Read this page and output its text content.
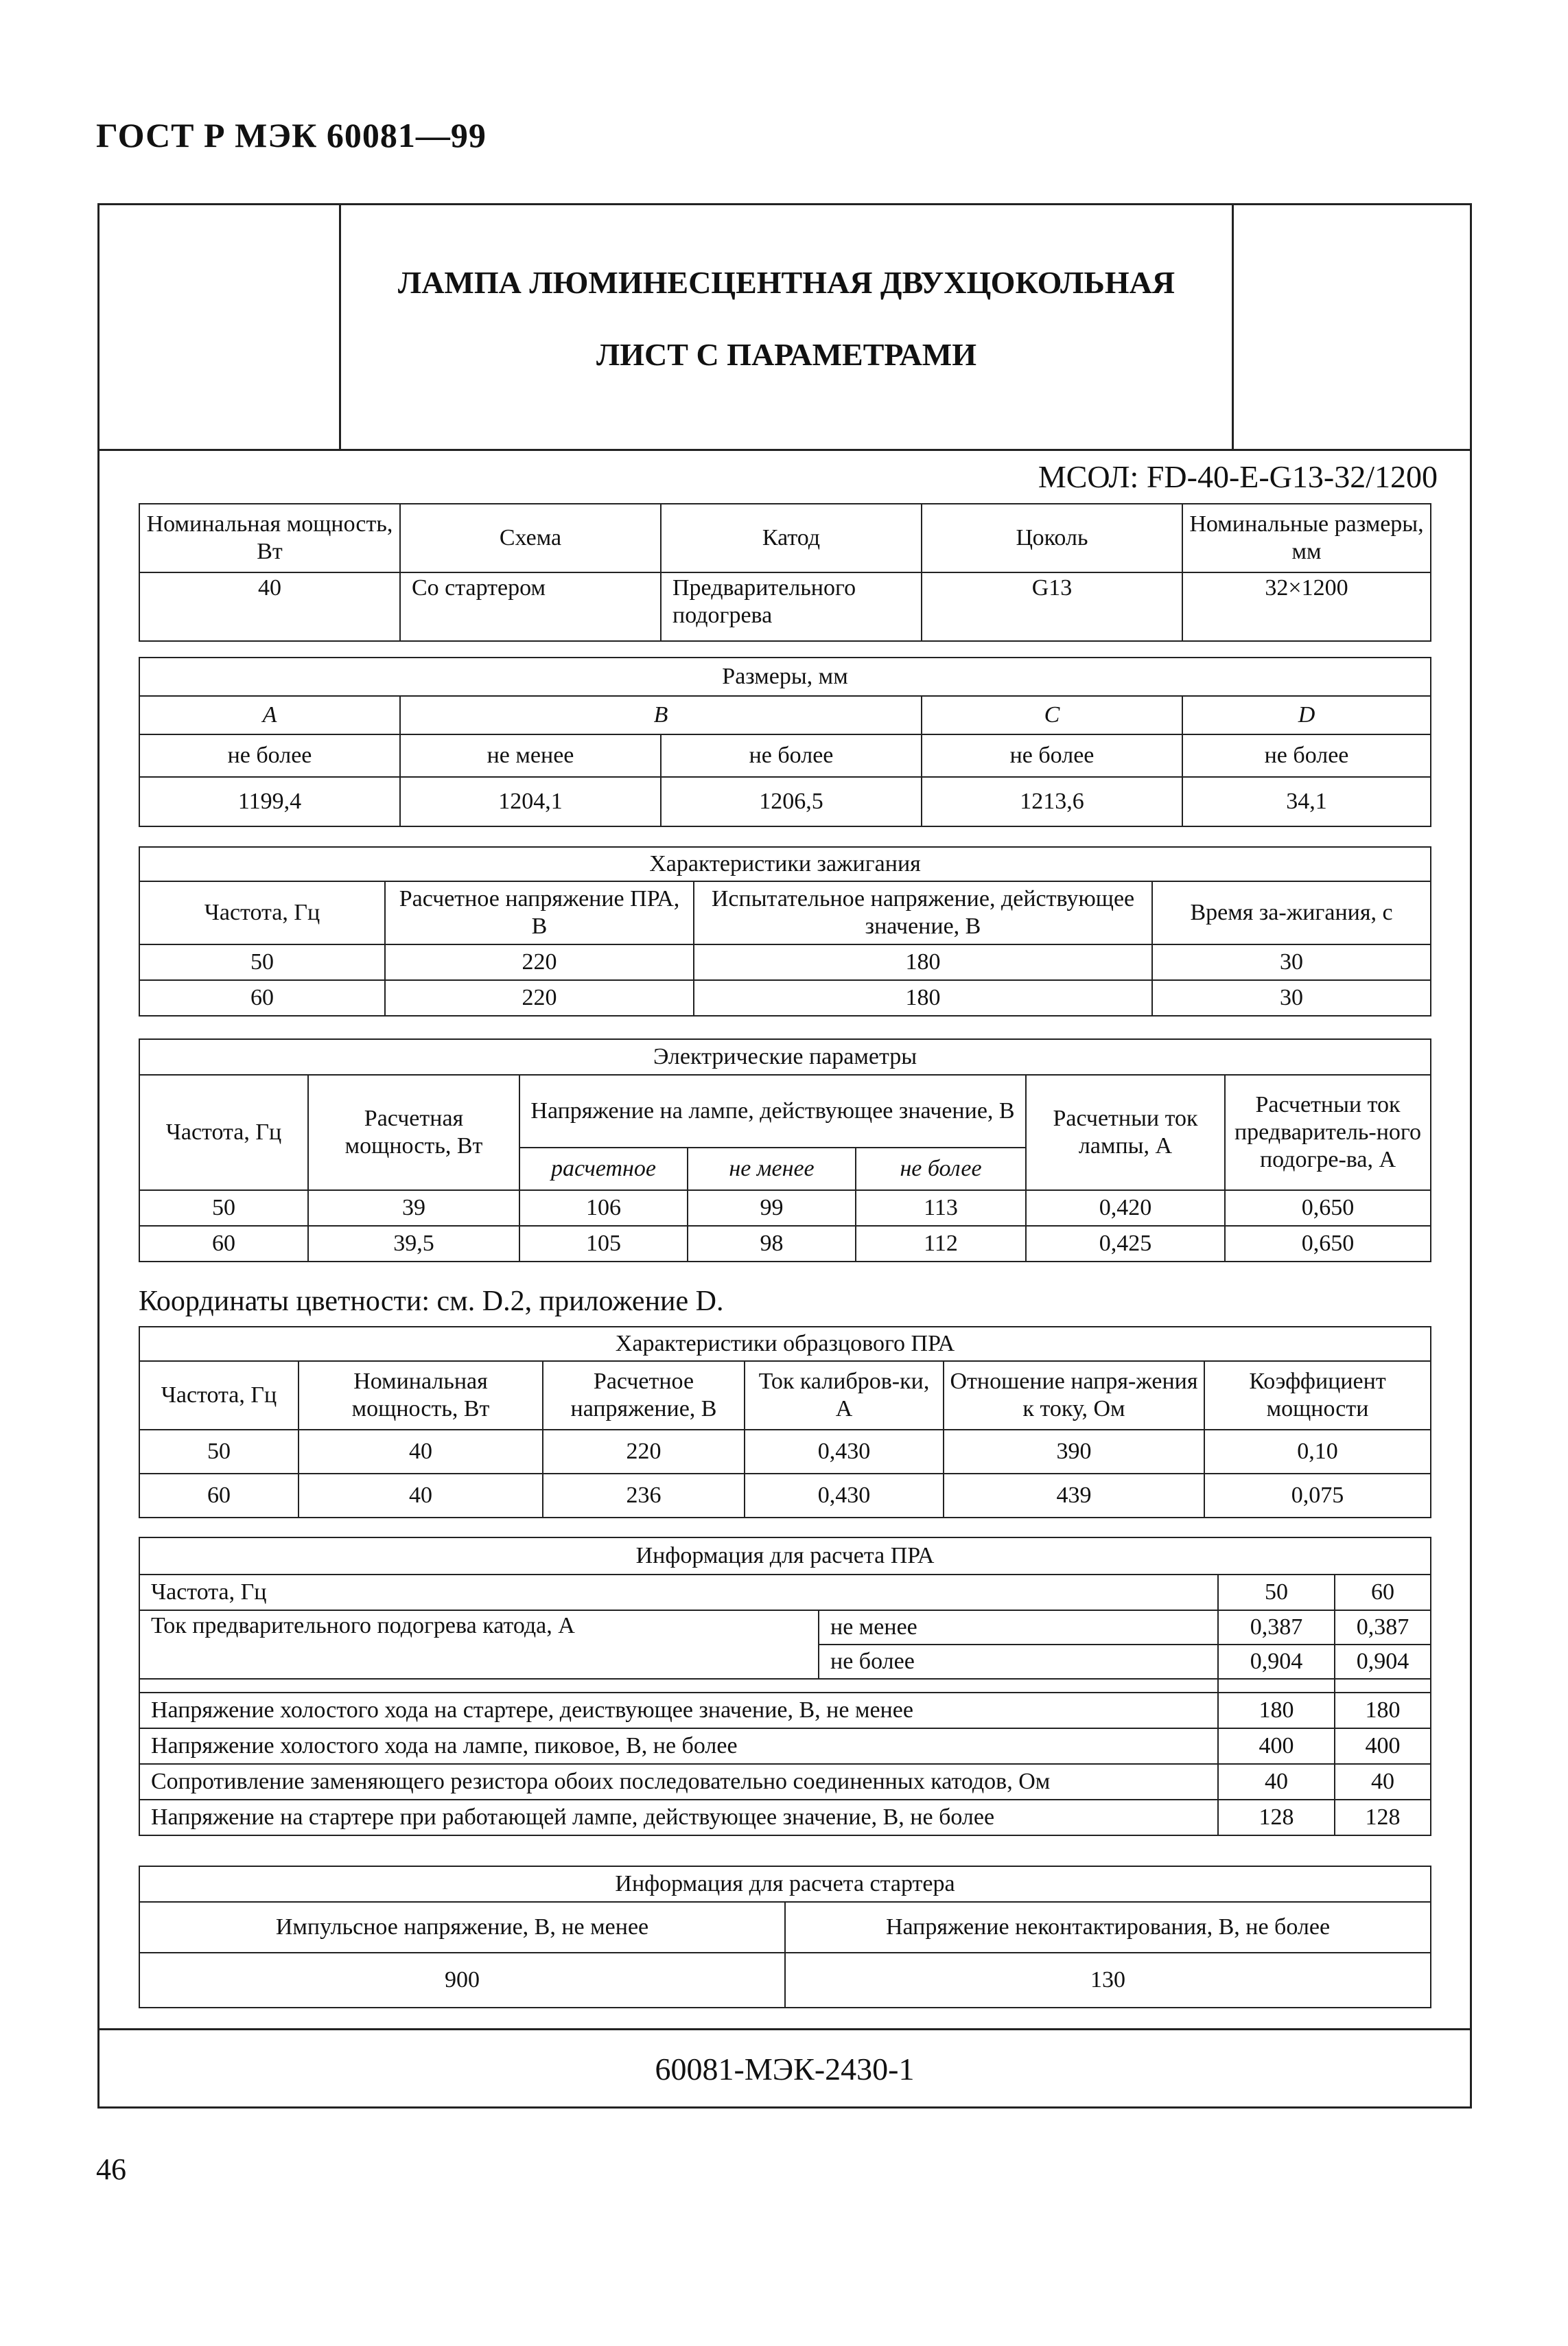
ГОСТ Р МЭК 60081—99
ЛАМПА ЛЮМИНЕСЦЕНТНАЯ ДВУХЦОКОЛЬНАЯ
ЛИСТ С ПАРАМЕТРАМИ
МСОЛ: FD-40-E-G13-32/1200
Номинальная мощность, Вт	Схема	Катод	Цоколь	Номинальные размеры, мм
40	Со стартером	Предварительного подогрева	G13	32×1200
Размеры, мм				
A	B		C	D
не более	не менее	не более	не более	не более
1199,4	1204,1	1206,5	1213,6	34,1
Характеристики зажигания			
Частота, Гц	Расчетное напряжение ПРА, В	Испытательное напряжение, действующее значение, В	Время за-жигания, с
50	220	180	30
60	220	180	30
Электрические параметры						
Частота, Гц	Расчетная мощность, Вт	Напряжение на лампе, действующее значение, В			Расчетныи ток лампы, А	Расчетныи ток предваритель-ного подогре-ва, А
		расчетное	не менее	не более		
50	39	106	99	113	0,420	0,650
60	39,5	105	98	112	0,425	0,650
Координаты цветности: см. D.2, приложение D.
Характеристики образцового ПРА					
Частота, Гц	Номинальная мощность, Вт	Расчетное напряжение, В	Ток калибров-ки, А	Отношение напря-жения к току, Ом	Коэффициент мощности
50	40	220	0,430	390	0,10
60	40	236	0,430	439	0,075
Информация для расчета ПРА			
Частота, Гц		50	60
Ток предварительного подогрева катода, А	не менее	0,387	0,387
	не более	0,904	0,904

Напряжение холостого хода на стартере, деиствующее значение, В, не менее		180	180
Напряжение холостого хода на лампе, пиковое, В, не более		400	400
Сопротивление заменяющего резистора обоих последовательно соединенных катодов, Ом		40	40
Напряжение на стартере при работающей лампе, действующее значение, В, не более		128	128
Информация для расчета стартера	
Импульсное напряжение, В, не менее	Напряжение неконтактирования, В, не более
900	130
60081-МЭК-2430-1
46
